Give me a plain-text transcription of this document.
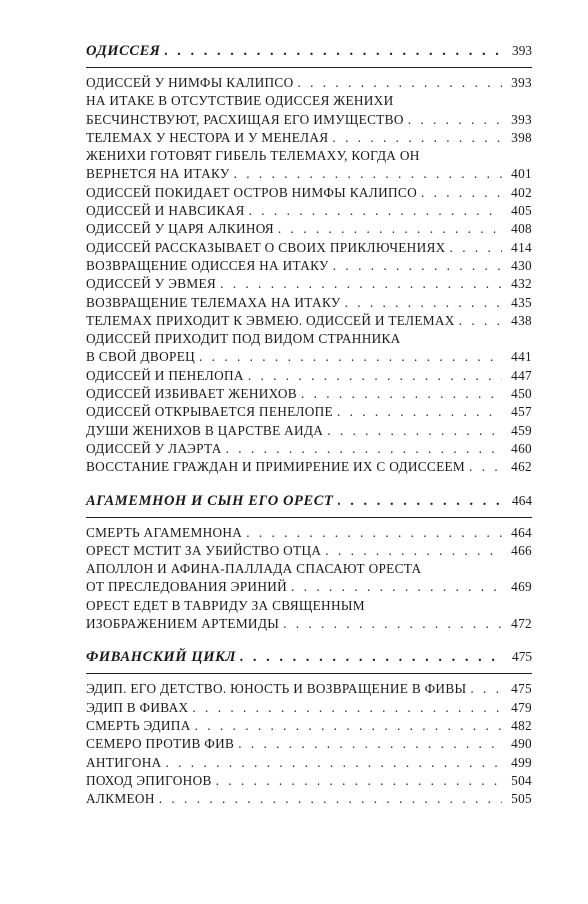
ОДИССЕЯ . . .	393
ОДИССЕЙ У НИМФЫ КАЛИПСО . . .	393
НА ИТАКЕ В ОТСУТСТВИЕ ОДИССЕЯ ЖЕНИХИ
БЕСЧИНСТВУЮТ, РАСХИЩАЯ ЕГО ИМУЩЕСТВО . . .	393
ТЕЛЕМАХ У НЕСТОРА И У МЕНЕЛАЯ . . .	398
ЖЕНИХИ ГОТОВЯТ ГИБЕЛЬ ТЕЛЕМАХУ, КОГДА ОН
ВЕРНЕТСЯ НА ИТАКУ . . .	401
ОДИССЕЙ ПОКИДАЕТ ОСТРОВ НИМФЫ КАЛИПСО . . .	402
ОДИССЕЙ И НАВСИКАЯ . . .	405
ОДИССЕЙ У ЦАРЯ АЛКИНОЯ . . .	408
ОДИССЕЙ РАССКАЗЫВАЕТ О СВОИХ ПРИКЛЮЧЕНИЯХ . . .	414
ВОЗВРАЩЕНИЕ ОДИССЕЯ НА ИТАКУ . . .	430
ОДИССЕЙ У ЭВМЕЯ . . .	432
ВОЗВРАЩЕНИЕ ТЕЛЕМАХА НА ИТАКУ . . .	435
ТЕЛЕМАХ ПРИХОДИТ К ЭВМЕЮ. ОДИССЕЙ И ТЕЛЕМАХ . . .	438
ОДИССЕЙ ПРИХОДИТ ПОД ВИДОМ СТРАННИКА
В СВОЙ ДВОРЕЦ . . .	441
ОДИССЕЙ И ПЕНЕЛОПА . . .	447
ОДИССЕЙ ИЗБИВАЕТ ЖЕНИХОВ . . .	450
ОДИССЕЙ ОТКРЫВАЕТСЯ ПЕНЕЛОПЕ . . .	457
ДУШИ ЖЕНИХОВ В ЦАРСТВЕ АИДА . . .	459
ОДИССЕЙ У ЛАЭРТА . . .	460
ВОССТАНИЕ ГРАЖДАН И ПРИМИРЕНИЕ ИХ С ОДИССЕЕМ . . .	462
АГАМЕМНОН И СЫН ЕГО ОРЕСТ . . .	464
СМЕРТЬ АГАМЕМНОНА . . .	464
ОРЕСТ МСТИТ ЗА УБИЙСТВО ОТЦА . . .	466
АПОЛЛОН И АФИНА-ПАЛЛАДА СПАСАЮТ ОРЕСТА
ОТ ПРЕСЛЕДОВАНИЯ ЭРИНИЙ . . .	469
ОРЕСТ ЕДЕТ В ТАВРИДУ ЗА СВЯЩЕННЫМ
ИЗОБРАЖЕНИЕМ АРТЕМИДЫ . . .	472
ФИВАНСКИЙ ЦИКЛ . . .	475
ЭДИП. ЕГО ДЕТСТВО. ЮНОСТЬ И ВОЗВРАЩЕНИЕ В ФИВЫ . . .	475
ЭДИП В ФИВАХ . . .	479
СМЕРТЬ ЭДИПА . . .	482
СЕМЕРО ПРОТИВ ФИВ . . .	490
АНТИГОНА . . .	499
ПОХОД ЭПИГОНОВ . . .	504
АЛКМЕОН . . .	505
